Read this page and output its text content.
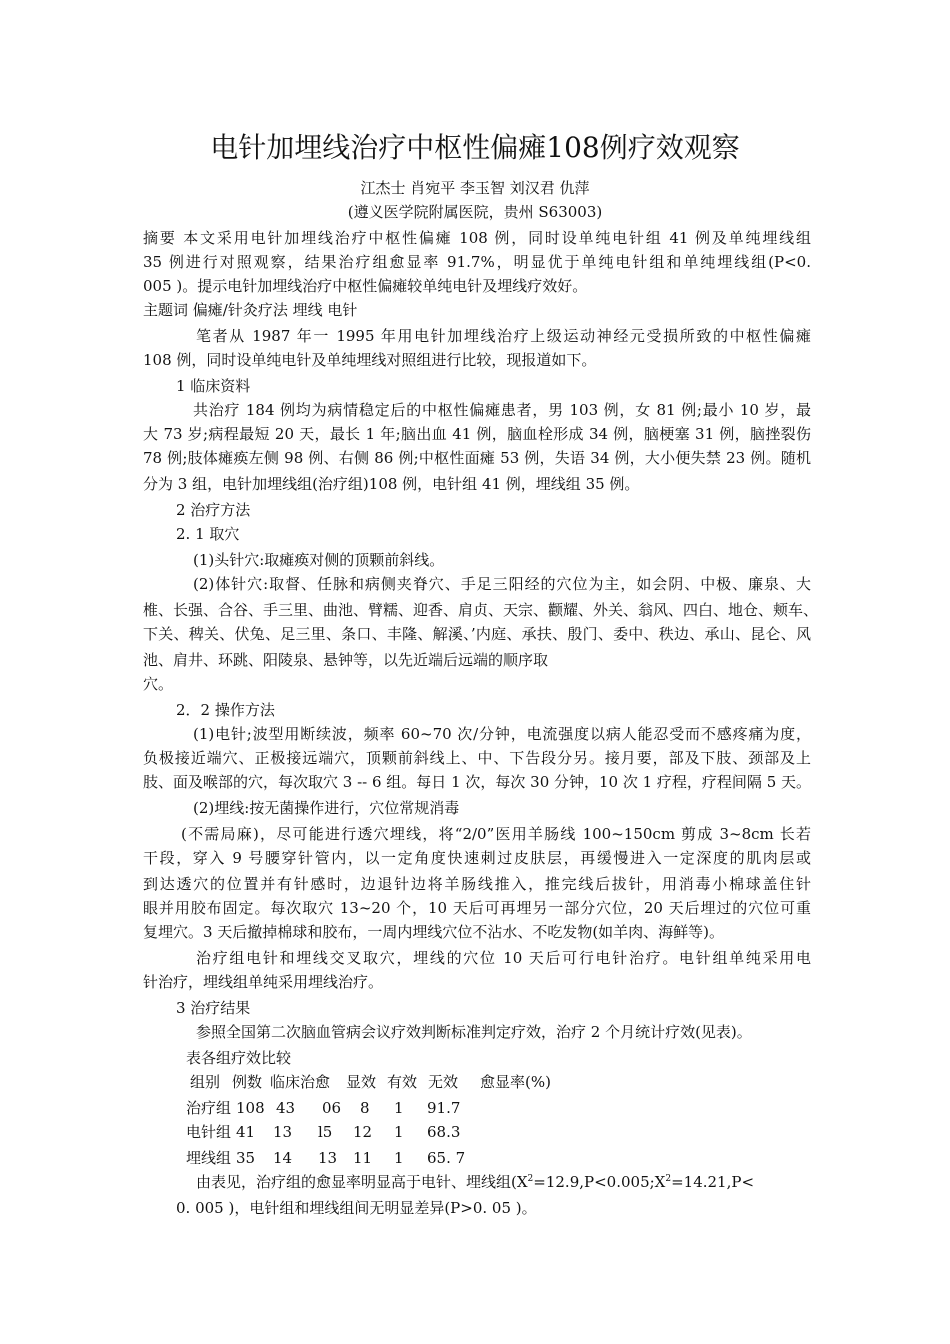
电针加埋线治疗中枢性偏瘫108例疗效观察
江杰士 肖宛平 李玉智 刘汉君 仇萍
(遵义医学院附属医院，贵州 S63003)
摘要 本文采用电针加埋线治疗中枢性偏瘫 108 例，同时设单纯电针组 41 例及单纯埋线组
35 例进行对照观察，结果治疗组愈显率 91.7%，明显优于单纯电针组和单纯埋线组(P<0.
005 )。提示电针加埋线治疗中枢性偏瘫较单纯电针及埋线疗效好。
主题词 偏瘫/针灸疗法 埋线 电针
笔者从 1987 年一 1995 年用电针加埋线治疗上级运动神经元受损所致的中枢性偏瘫
108 例，同时设单纯电针及单纯埋线对照组进行比较，现报道如下。
1 临床资料
共治疗 184 例均为病情稳定后的中枢性偏瘫患者，男 103 例，女 81 例;最小 10 岁，最
大 73 岁;病程最短 20 天，最长 1 年;脑出血 41 例，脑血栓形成 34 例，脑梗塞 31 例，脑挫裂伤
78 例;肢体瘫痪左侧 98 例、右侧 86 例;中枢性面瘫 53 例，失语 34 例，大小便失禁 23 例。随机
分为 3 组，电针加埋线组(治疗组)108 例，电针组 41 例，埋线组 35 例。
2 治疗方法
2. 1 取穴
(1)头针穴:取瘫痪对侧的顶颗前斜线。
(2)体针穴:取督、任脉和病侧夹脊穴、手足三阳经的穴位为主，如会阴、中极、廉泉、大
椎、长强、合谷、手三里、曲池、臂糯、迎香、肩贞、天宗、颧耀、外关、翁风、四白、地仓、颊车、
下关、稗关、伏兔、足三里、条口、丰隆、解溪、’内庭、承扶、殷门、委中、秩边、承山、昆仑、风
池、肩井、环跳、阳陵泉、悬钟等，以先近端后远端的顺序取
穴。
2．2 操作方法
(1)电针;波型用断续波，频率 60~70 次/分钟，电流强度以病人能忍受而不感疼痛为度，
负极接近端穴、正极接远端穴，顶颗前斜线上、中、下告段分另。接月要，部及下肢、颈部及上
肢、面及喉部的穴，每次取穴 3 -- 6 组。每日 1 次，每次 30 分钟，10 次 1 疗程，疗程间隔 5 天。
(2)埋线:按无菌操作进行，穴位常规消毒
(不需局麻)，尽可能进行透穴埋线，将“2/0”医用羊肠线 100~150cm 剪成 3~8cm 长若
干段，穿入 9 号腰穿针管内，以一定角度快速刺过皮肤层，再缓慢进入一定深度的肌肉层或
到达透穴的位置并有针感时，边退针边将羊肠线推入，推完线后拔针，用消毒小棉球盖住针
眼并用胶布固定。每次取穴 13~20 个，10 天后可再埋另一部分穴位，20 天后埋过的穴位可重
复埋穴。3 天后撤掉棉球和胶布，一周内埋线穴位不沾水、不吃发物(如羊肉、海鲜等)。
治疗组电针和埋线交叉取穴，埋线的穴位 10 天后可行电针治疗。电针组单纯采用电
针治疗，埋线组单纯采用埋线治疗。
3 治疗结果
参照全国第二次脑血管病会议疗效判断标准判定疗效，治疗 2 个月统计疗效(见表)。
表各组疗效比较
组别 例数 临床治愈 显效 有效 无效 愈显率(%)
治疗组 108 43 06 8 1 91.7
电针组 41 13 l5 12 1 68.3
埋线组 35 14 13 11 1 65. 7
由表见，治疗组的愈显率明显高于电针、埋线组($X^2=12.9,P<0.005;X^2=14.21,P<$
0. 005 )，电针组和埋线组间无明显差异(P>0. 05 )。
